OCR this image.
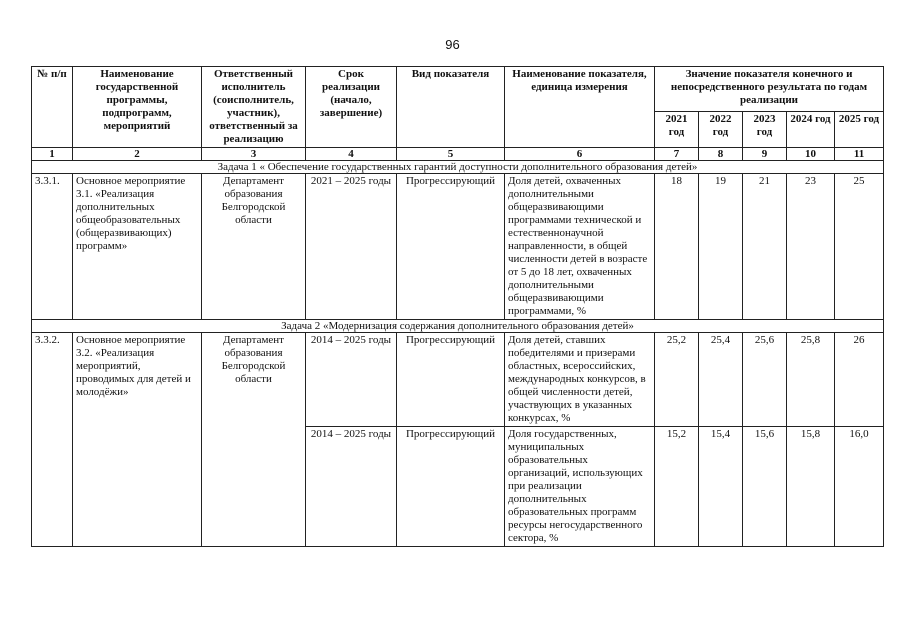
96
№ п/п	Наименование государственной программы, подпрограмм, мероприятий	Ответственный исполнитель (соисполнитель, участник), ответственный за реализацию	Срок реализации (начало, завершение)	Вид показателя	Наименование показателя, единица измерения	Значение показателя конечного и непосредственного результата по годам реализации				
						2021 год	2022 год	2023 год	2024 год	2025 год
1	2	3	4	5	6	7	8	9	10	11
Задача 1 « Обеспечение государственных гарантий доступности дополнительного образования детей»										
3.3.1.	Основное мероприятие 3.1. «Реализация дополнительных общеобразовательных (общеразвивающих) программ»	Департамент образования Белгородской области	2021 – 2025 годы	Прогрессирующий	Доля детей, охваченных дополнительными общеразвивающими программами технической и естественнонаучной направленности, в общей численности детей в возрасте от 5 до 18 лет, охваченных дополнительными общеразвивающими программами, %	18	19	21	23	25
Задача 2 «Модернизация содержания дополнительного образования детей»										
3.3.2.	Основное мероприятие 3.2. «Реализация мероприятий, проводимых для детей и молодёжи»	Департамент образования Белгородской области	2014 – 2025 годы	Прогрессирующий	Доля детей, ставших победителями и призерами областных, всероссийских, международных конкурсов, в общей численности детей, участвующих в указанных конкурсах, %	25,2	25,4	25,6	25,8	26
			2014 – 2025 годы	Прогрессирующий	Доля государственных, муниципальных образовательных организаций, использующих при реализации дополнительных образовательных программ ресурсы негосударственного сектора, %	15,2	15,4	15,6	15,8	16,0
